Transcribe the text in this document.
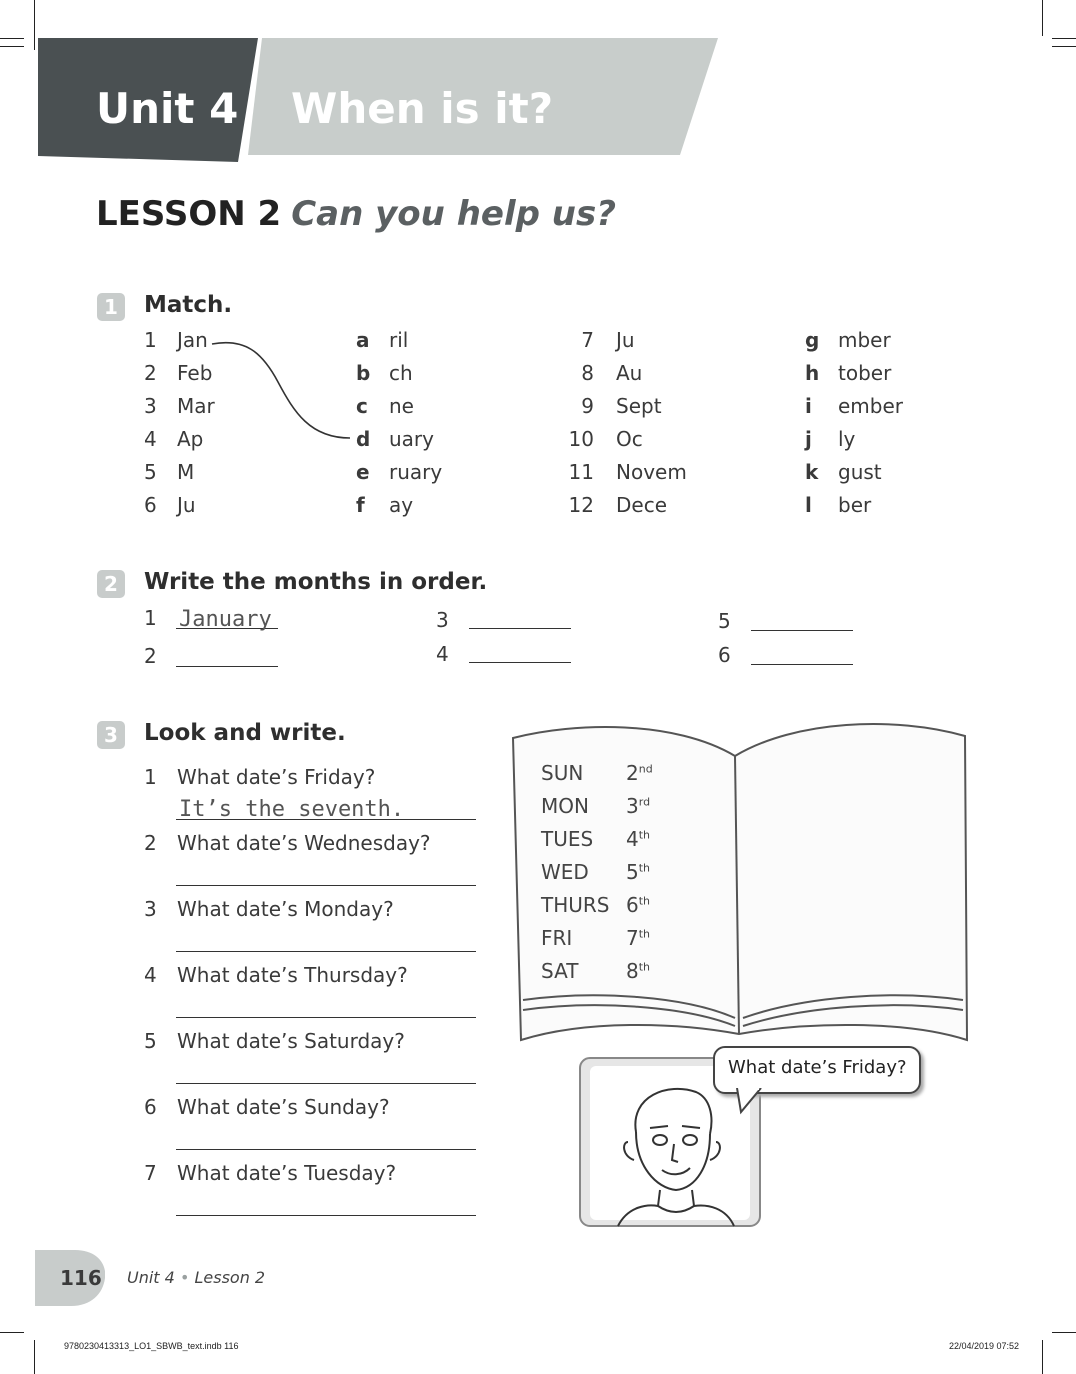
Unit 4 When is it?
LESSON 2 Can you help us?
1	Match.
1 Jan
2 Feb
3 Mar
4 Ap
5 M
6 Ju
a ril
b ch
c ne
d uary
e ruary
f ay
7 Ju
8 Au
9 Sept
10 Oc
11 Novem
12 Dece
g mber
h tober
i ember
j ly
k gust
l ber
2	Write the months in order.
1 January
2
3
4
5
6
3	Look and write.
1 What date’s Friday?
It’s the seventh.
2 What date’s Wednesday?
3 What date’s Monday?
4 What date’s Thursday?
5 What date’s Saturday?
6 What date’s Sunday?
7 What date’s Tuesday?
SUN 2nd
MON 3rd
TUES 4th
WED 5th
THURS 6th
FRI	7th
SAT 8th
What date’s Friday?
116 Unit 4 • Lesson 2
9780230413313_LO1_SBWB_text.indb 116	22/04/2019 07:52
